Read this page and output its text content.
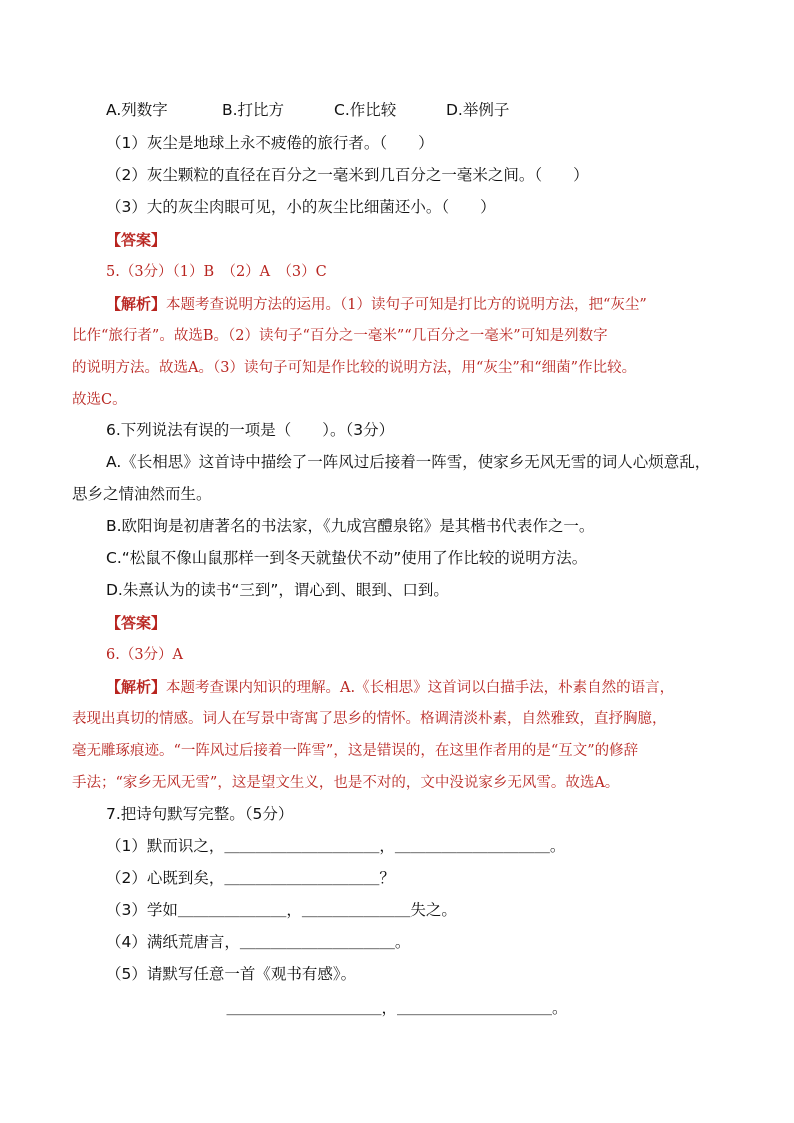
A.列数字	B.打比方	C.作比较	D.举例子
（1）灰尘是地球上永不疲倦的旅行者。（　　）
（2）灰尘颗粒的直径在百分之一毫米到几百分之一毫米之间。（　　）
（3）大的灰尘肉眼可见，小的灰尘比细菌还小。（　　）
【答案】
5.（3分）（1）B　（2）A　（3）C
【解析】本题考查说明方法的运用。（1）读句子可知是打比方的说明方法，把“灰尘”
比作“旅行者”。故选B。（2）读句子“百分之一毫米”“几百分之一毫米”可知是列数字
的说明方法。故选A。（3）读句子可知是作比较的说明方法，用“灰尘”和“细菌”作比较。
故选C。
6.下列说法有误的一项是（　　）。（3分）
A.《长相思》这首诗中描绘了一阵风过后接着一阵雪，使家乡无风无雪的词人心烦意乱，
思乡之情油然而生。
B.欧阳询是初唐著名的书法家，《九成宫醴泉铭》是其楷书代表作之一。
C.“松鼠不像山鼠那样一到冬天就蛰伏不动”使用了作比较的说明方法。
D.朱熹认为的读书“三到”，谓心到、眼到、口到。
【答案】
6.（3分）A
【解析】本题考查课内知识的理解。A.《长相思》这首词以白描手法，朴素自然的语言，
表现出真切的情感。词人在写景中寄寓了思乡的情怀。格调清淡朴素，自然雅致，直抒胸臆，
毫无雕琢痕迹。“一阵风过后接着一阵雪”，这是错误的，在这里作者用的是“互文”的修辞
手法；“家乡无风无雪”，这是望文生义，也是不对的，文中没说家乡无风雪。故选A。
7.把诗句默写完整。（5分）
（1）默而识之，＿＿＿＿＿＿＿＿＿＿，＿＿＿＿＿＿＿＿＿＿。
（2）心既到矣，＿＿＿＿＿＿＿＿＿＿？
（3）学如＿＿＿＿＿＿＿，＿＿＿＿＿＿＿失之。
（4）满纸荒唐言，＿＿＿＿＿＿＿＿＿＿。
（5）请默写任意一首《观书有感》。
＿＿＿＿＿＿＿＿＿＿，＿＿＿＿＿＿＿＿＿＿。
